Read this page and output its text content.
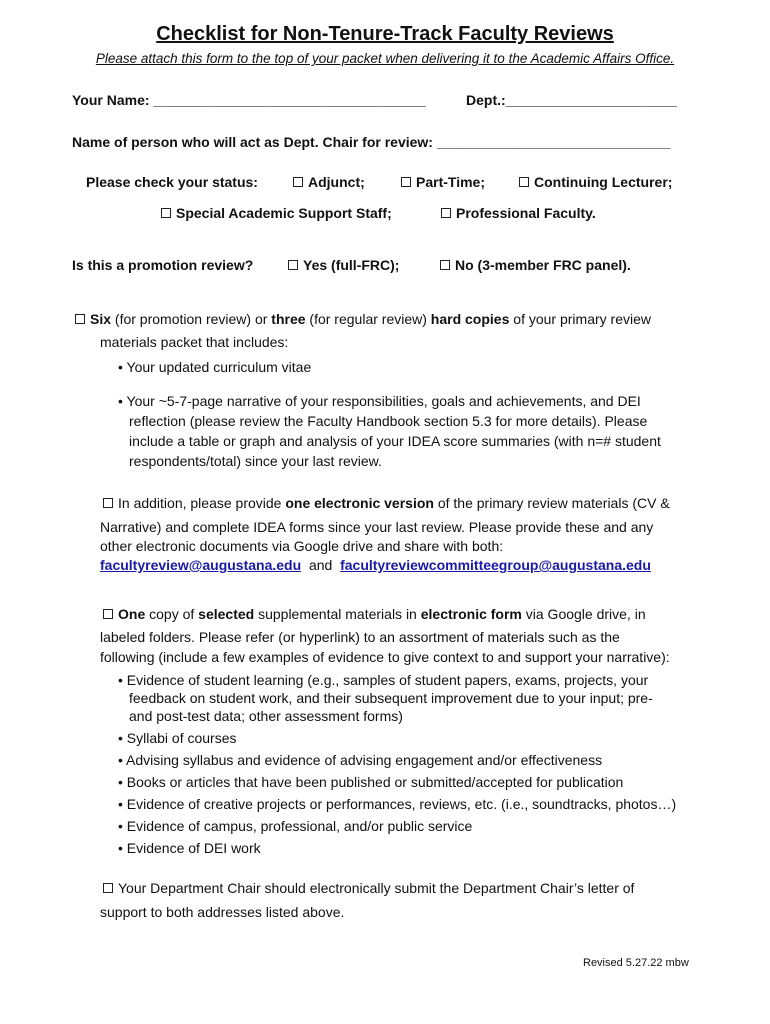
Checklist for Non-Tenure-Track Faculty Reviews
Please attach this form to the top of your packet when delivering it to the Academic Affairs Office.
Your Name: ___________________________________	Dept.:______________________
Name of person who will act as Dept. Chair for review: ______________________________
Please check your status:	Adjunct;	Part-Time;	Continuing Lecturer;
Special Academic Support Staff;	Professional Faculty.
Is this a promotion review?	Yes (full-FRC);	No (3-member FRC panel).
Six (for promotion review) or three (for regular review) hard copies of your primary review
materials packet that includes:
• Your updated curriculum vitae
• Your ~5-7-page narrative of your responsibilities, goals and achievements, and DEI
reflection (please review the Faculty Handbook section 5.3 for more details). Please
include a table or graph and analysis of your IDEA score summaries (with n=# student
respondents/total) since your last review.
In addition, please provide one electronic version of the primary review materials (CV &
Narrative) and complete IDEA forms since your last review. Please provide these and any
other electronic documents via Google drive and share with both:
facultyreview@augustana.edu and facultyreviewcommitteegroup@augustana.edu
One copy of selected supplemental materials in electronic form via Google drive, in
labeled folders. Please refer (or hyperlink) to an assortment of materials such as the
following (include a few examples of evidence to give context to and support your narrative):
• Evidence of student learning (e.g., samples of student papers, exams, projects, your
feedback on student work, and their subsequent improvement due to your input; pre-
and post-test data; other assessment forms)
• Syllabi of courses
• Advising syllabus and evidence of advising engagement and/or effectiveness
• Books or articles that have been published or submitted/accepted for publication
• Evidence of creative projects or performances, reviews, etc. (i.e., soundtracks, photos…)
• Evidence of campus, professional, and/or public service
• Evidence of DEI work
Your Department Chair should electronically submit the Department Chair’s letter of
support to both addresses listed above.
Revised 5.27.22 mbw
